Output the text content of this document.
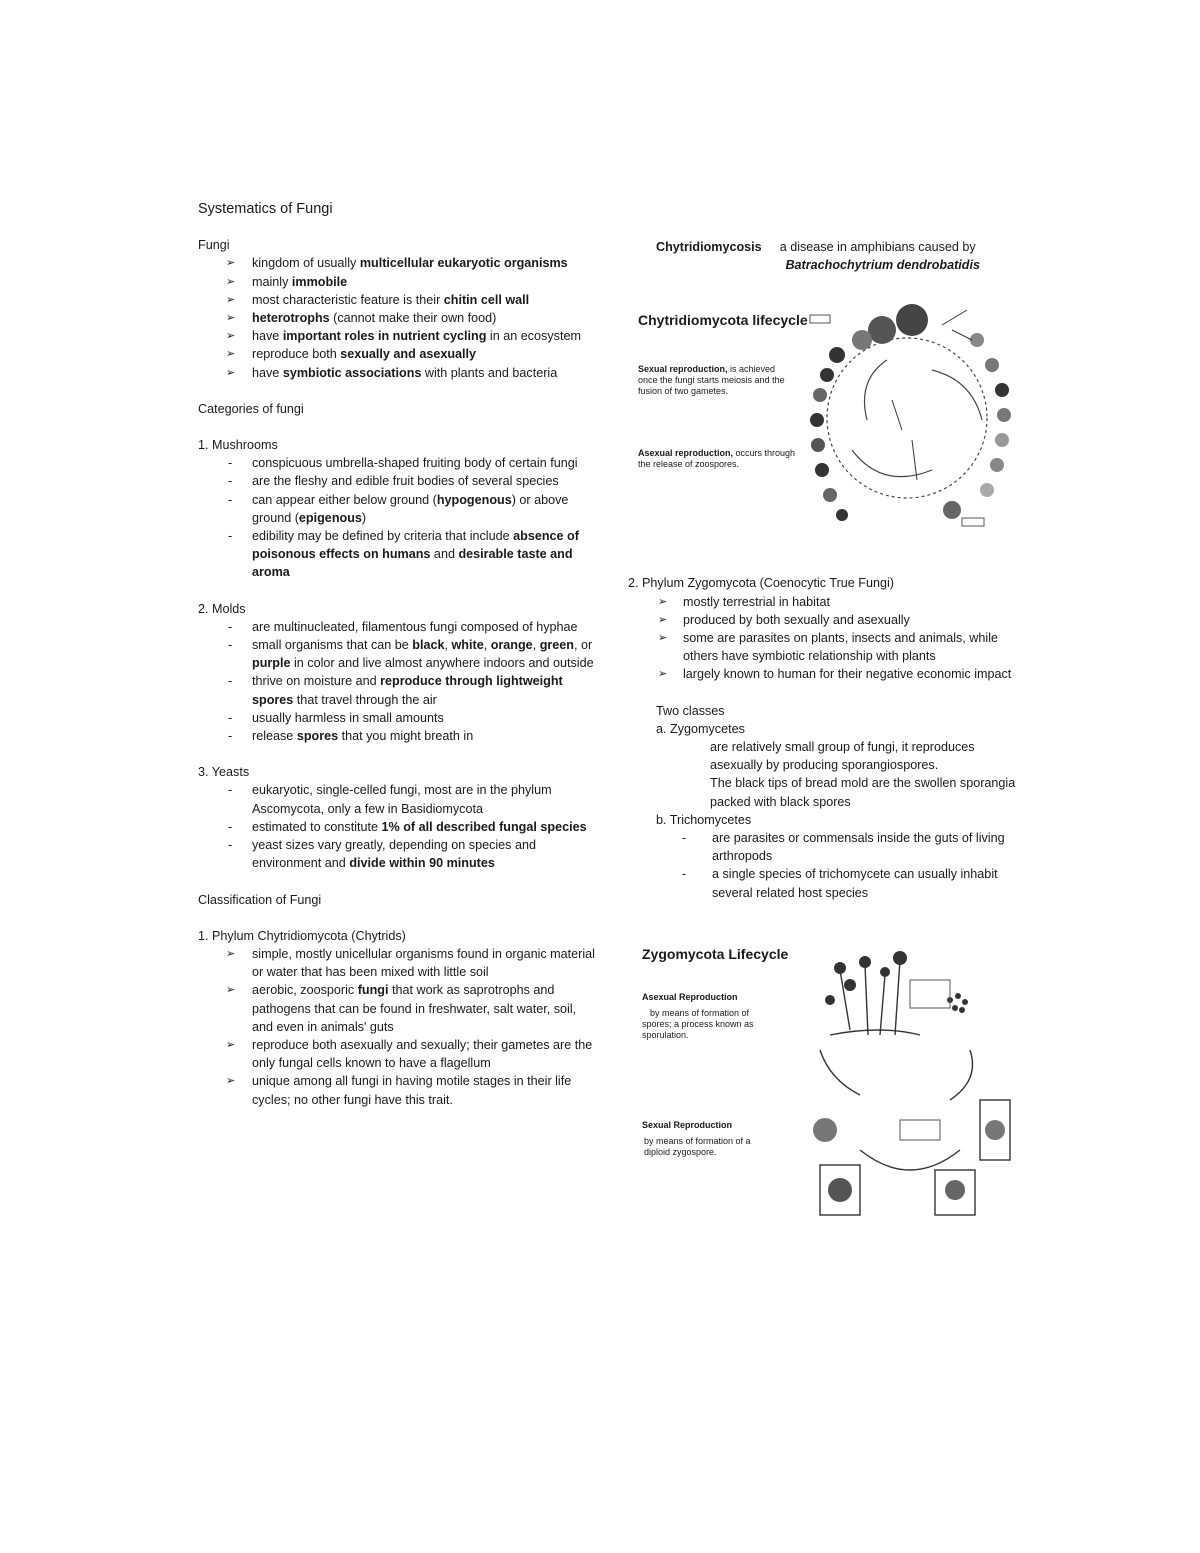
Systematics of Fungi
Fungi
➢ kingdom of usually multicellular eukaryotic organisms
➢ mainly immobile
➢ most characteristic feature is their chitin cell wall
➢ heterotrophs (cannot make their own food)
➢ have important roles in nutrient cycling in an ecosystem
➢ reproduce both sexually and asexually
➢ have symbiotic associations with plants and bacteria
Categories of fungi
1. Mushrooms
- conspicuous umbrella-shaped fruiting body of certain fungi
- are the fleshy and edible fruit bodies of several species
- can appear either below ground (hypogenous) or above ground (epigenous)
- edibility may be defined by criteria that include absence of poisonous effects on humans and desirable taste and aroma
2. Molds
- are multinucleated, filamentous fungi composed of hyphae
- small organisms that can be black, white, orange, green, or purple in color and live almost anywhere indoors and outside
- thrive on moisture and reproduce through lightweight spores that travel through the air
- usually harmless in small amounts
- release spores that you might breath in
3. Yeasts
- eukaryotic, single-celled fungi, most are in the phylum Ascomycota, only a few in Basidiomycota
- estimated to constitute 1% of all described fungal species
- yeast sizes vary greatly, depending on species and environment and divide within 90 minutes
Classification of Fungi
1. Phylum Chytridiomycota (Chytrids)
➢ simple, mostly unicellular organisms found in organic material or water that has been mixed with little soil
➢ aerobic, zoosporic fungi that work as saprotrophs and pathogens that can be found in freshwater, salt water, soil, and even in animals' guts
➢ reproduce both asexually and sexually; their gametes are the only fungal cells known to have a flagellum
➢ unique among all fungi in having motile stages in their life cycles; no other fungi have this trait.
Chytridiomycosis a disease in amphibians caused by
Batrachochytrium dendrobatidis
2. Phylum Zygomycota (Coenocytic True Fungi)
➢ mostly terrestrial in habitat
➢ produced by both sexually and asexually
➢ some are parasites on plants, insects and animals, while others have symbiotic relationship with plants
➢ largely known to human for their negative economic impact
Two classes
a. Zygomycetes
are relatively small group of fungi, it reproduces asexually by producing sporangiospores.
The black tips of bread mold are the swollen sporangia packed with black spores
b. Trichomycetes
- are parasites or commensals inside the guts of living arthropods
- a single species of trichomycete can usually inhabit several related host species
Chytridiomycota lifecycle
Sexual reproduction, is achieved once the fungi starts meiosis and the fusion of two gametes.
Asexual reproduction, occurs through the release of zoospores.
Zygomycota Lifecycle
Asexual Reproduction
by means of formation of spores; a process known as sporulation.
Sexual Reproduction
by means of formation of a diploid zygospore.
